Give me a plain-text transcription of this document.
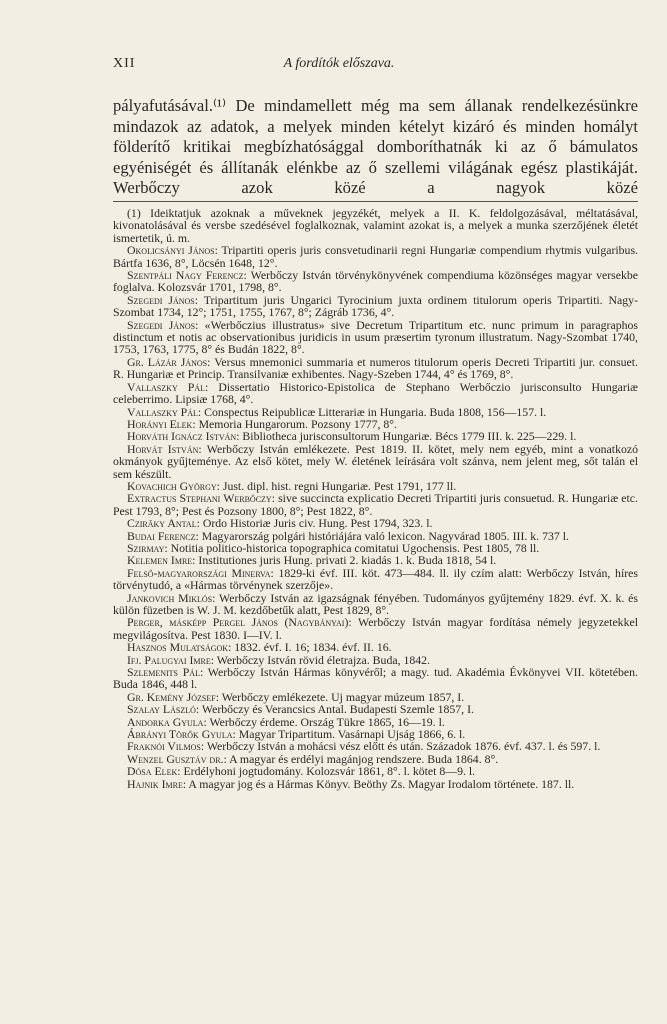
XII	A fordítók előszava.

pályafutásával.⁽¹⁾ De mindamellett még ma sem állanak rendelkezésünkre mindazok az adatok, a melyek minden kételyt kizáró és minden homályt földerítő kritikai megbízhatósággal domboríthatnák ki az ő bámulatos egyéniségét és állítanák elénkbe az ő szellemi világának egész plastikáját. Werbőczy azok közé a nagyok közé

(1) Ideiktatjuk azoknak a műveknek jegyzékét, melyek a II. K. feldolgozásával, méltatásával, kivonatolásával és versbe szedésével foglalkoznak, valamint azokat is, a melyek a munka szerzőjének életét ismertetik, ú. m.

Okolicsányi János: Tripartiti operis juris consvetudinarii regni Hungariæ compendium rhytmis vulgaribus. Bártfa 1636, 8°, Löcsén 1648, 12°.

Szentpáli Nagy Ferencz: Werbőczy István törvénykönyvének compendiuma közönséges magyar versekbe foglalva. Kolozsvár 1701, 1798, 8°.

Szegedi János: Tripartitum juris Ungarici Tyrocinium juxta ordinem titulorum operis Tripartiti. Nagy-Szombat 1734, 12°; 1751, 1755, 1767, 8°; Zágráb 1736, 4°.

Szegedi János: «Werbőczius illustratus» sive Decretum Tripartitum etc. nunc primum in paragraphos distinctum et notis ac observationibus juridicis in usum præsertim tyronum illustratum. Nagy-Szombat 1740, 1753, 1763, 1775, 8° és Budán 1822, 8°.

Gr. Lázár János: Versus mnemonici summaria et numeros titulorum operis Decreti Tripartiti jur. consuet. R. Hungariæ et Princip. Transilvaniæ exhibentes. Nagy-Szeben 1744, 4° és 1769, 8°.

Vallaszky Pál: Dissertatio Historico-Epistolica de Stephano Werbőczio jurisconsulto Hungariæ celeberrimo. Lipsiæ 1768, 4°.

Vallaszky Pál: Conspectus Reipublicæ Litterariæ in Hungaria. Buda 1808, 156—157. l.

Horányi Elek: Memoria Hungarorum. Pozsony 1777, 8°.

Horváth Ignácz István: Bibliotheca jurisconsultorum Hungariæ. Bécs 1779 III. k. 225—229. l.

Horvát István: Werbőczy István emlékezete. Pest 1819. II. kötet, mely nem egyéb, mint a vonatkozó okmányok gyűjteménye. Az első kötet, mely W. életének leírására volt szánva, nem jelent meg, sőt talán el sem készült.

Kovachich György: Just. dipl. hist. regni Hungariæ. Pest 1791, 177 ll.

Extractus Stephani Werbőczy: sive succincta explicatio Decreti Tripartiti juris consuetud. R. Hungariæ etc. Pest 1793, 8°; Pest és Pozsony 1800, 8°; Pest 1822, 8°.

Czirāky Antal: Ordo Historiæ Juris civ. Hung. Pest 1794, 323. l.

Budai Ferencz: Magyarország polgári históriájára való lexicon. Nagyvárad 1805. III. k. 737 l.

Szirmay: Notitia politico-historica topographica comitatui Ugochensis. Pest 1805, 78 ll.

Kelemen Imre: Institutiones juris Hung. privati 2. kiadás 1. k. Buda 1818, 54 l.

Felső-magyarországi Minerva: 1829-ki évf. III. köt. 473—484. ll. ily czím alatt: Werbőczy István, híres törvénytudó, a «Hármas törvénynek szerzője».

Jankovich Miklós: Werbőczy István az igazságnak fényében. Tudományos gyűjtemény 1829. évf. X. k. és külön füzetben is W. J. M. kezdőbetűk alatt, Pest 1829, 8°.

Perger, másképp Pergel János (Nagybányai): Werbőczy István magyar fordítása némely jegyzetekkel megvilágosítva. Pest 1830. I—IV. l.

Hasznos Mulatságok: 1832. évf. I. 16; 1834. évf. II. 16.

Ifj. Palugyai Imre: Werbőczy István rövid életrajza. Buda, 1842.

Szlemenits Pál: Werbőczy István Hármas könyvéről; a magy. tud. Akadémia Évkönyvei VII. kötetében. Buda 1846, 448 l.

Gr. Kemény József: Werbőczy emlékezete. Uj magyar múzeum 1857, I.

Szalay László: Werbőczy és Verancsics Antal. Budapesti Szemle 1857, I.

Andorka Gyula: Werbőczy érdeme. Ország Tükre 1865, 16—19. l.

Ábrányi Törők Gyula: Magyar Tripartitum. Vasárnapi Ujság 1866, 6. l.

Fraknói Vilmos: Werbőczy István a mohácsi vész előtt és után. Századok 1876. évf. 437. l. és 597. l.

Wenzel Gusztáv dr.: A magyar és erdélyi magánjog rendszere. Buda 1864. 8°.

Dósa Elek: Erdélyhoni jogtudomány. Kolozsvár 1861, 8°. l. kötet 8—9. l.

Hajnik Imre: A magyar jog és a Hármas Könyv. Beöthy Zs. Magyar Irodalom története. 187. ll.
